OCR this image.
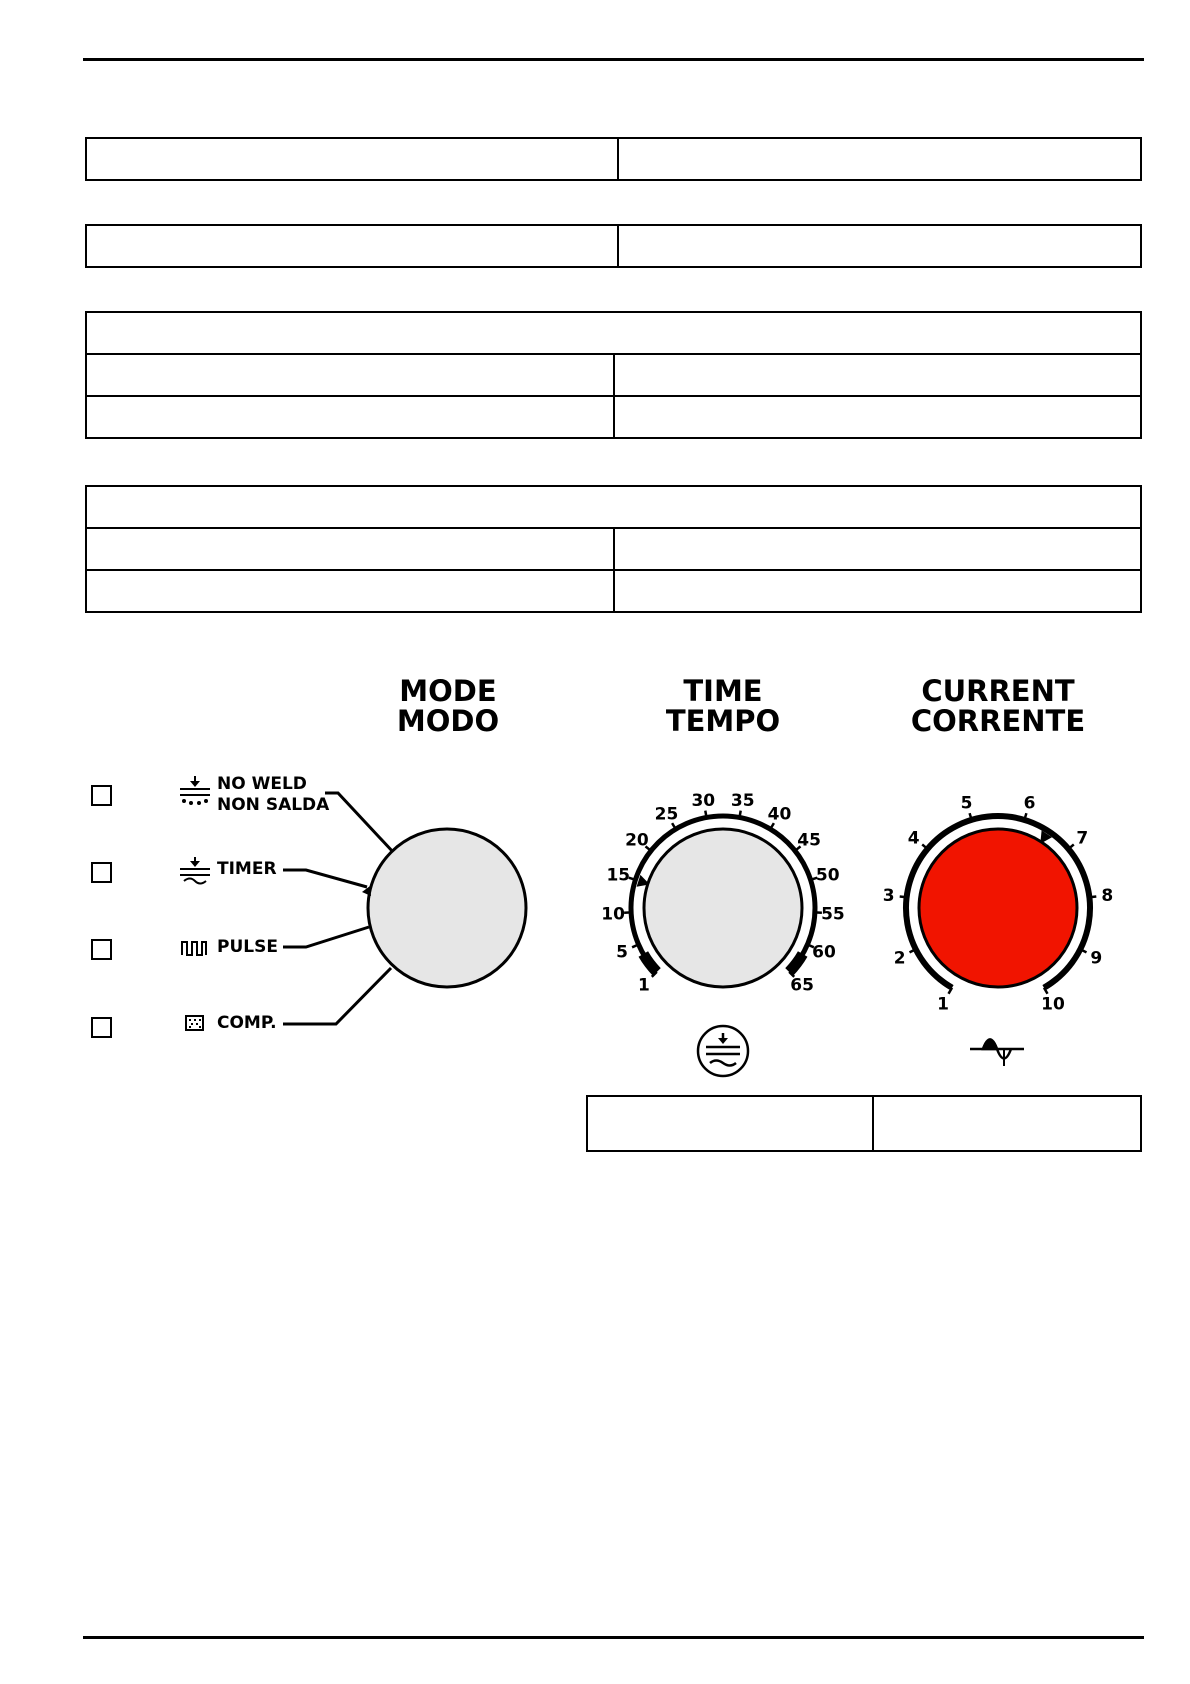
MODE
MODO
TIME
TEMPO
CURRENT
CORRENTE
NO WELD
NON SALDA
TIMER
PULSE
COMP.
1
5
10
15
20
25
30 35
40
45
50
55
60
65
1
2
3
4
5	6
7
8
9
10
